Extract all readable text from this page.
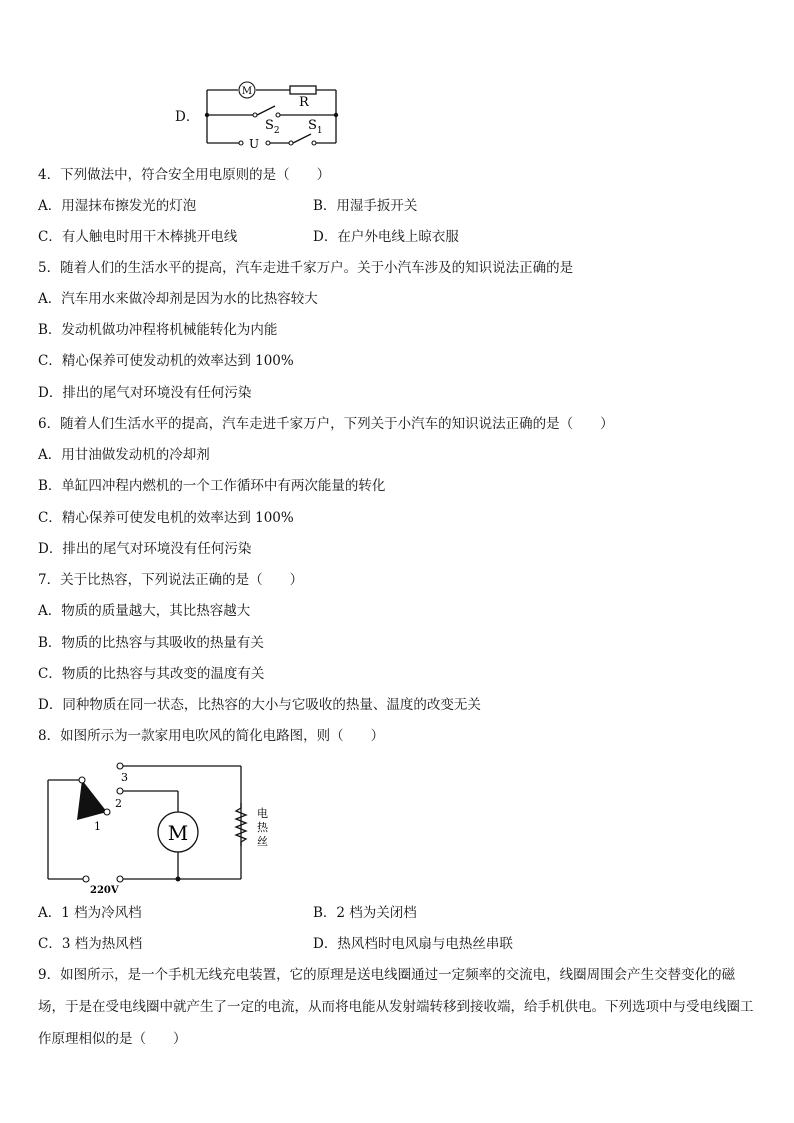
D．
M
R
$S_2$ $S_1$
U
4．下列做法中，符合安全用电原则的是（　　）
A．用湿抹布擦发光的灯泡	B．用湿手扳开关
C．有人触电时用干木棒挑开电线	D．在户外电线上晾衣服
5．随着人们的生活水平的提高，汽车走进千家万户。关于小汽车涉及的知识说法正确的是
A．汽车用水来做冷却剂是因为水的比热容较大
B．发动机做功冲程将机械能转化为内能
C．精心保养可使发动机的效率达到 100%
D．排出的尾气对环境没有任何污染
6．随着人们生活水平的提高，汽车走进千家万户，下列关于小汽车的知识说法正确的是（　　）
A．用甘油做发动机的冷却剂
B．单缸四冲程内燃机的一个工作循环中有两次能量的转化
C．精心保养可使发电机的效率达到 100%
D．排出的尾气对环境没有任何污染
7．关于比热容，下列说法正确的是（　　）
A．物质的质量越大，其比热容越大
B．物质的比热容与其吸收的热量有关
C．物质的比热容与其改变的温度有关
D．同种物质在同一状态，比热容的大小与它吸收的热量、温度的改变无关
8．如图所示为一款家用电吹风的简化电路图，则（　　）
3
2
1	M
电
热
丝
220V
A．1 档为冷风档	B．2 档为关闭档
C．3 档为热风档	D．热风档时电风扇与电热丝串联
9．如图所示，是一个手机无线充电装置，它的原理是送电线圈通过一定频率的交流电，线圈周围会产生交替变化的磁场，于是在受电线圈中就产生了一定的电流，从而将电能从发射端转移到接收端，给手机供电。下列选项中与受电线圈工作原理相似的是（　　）
